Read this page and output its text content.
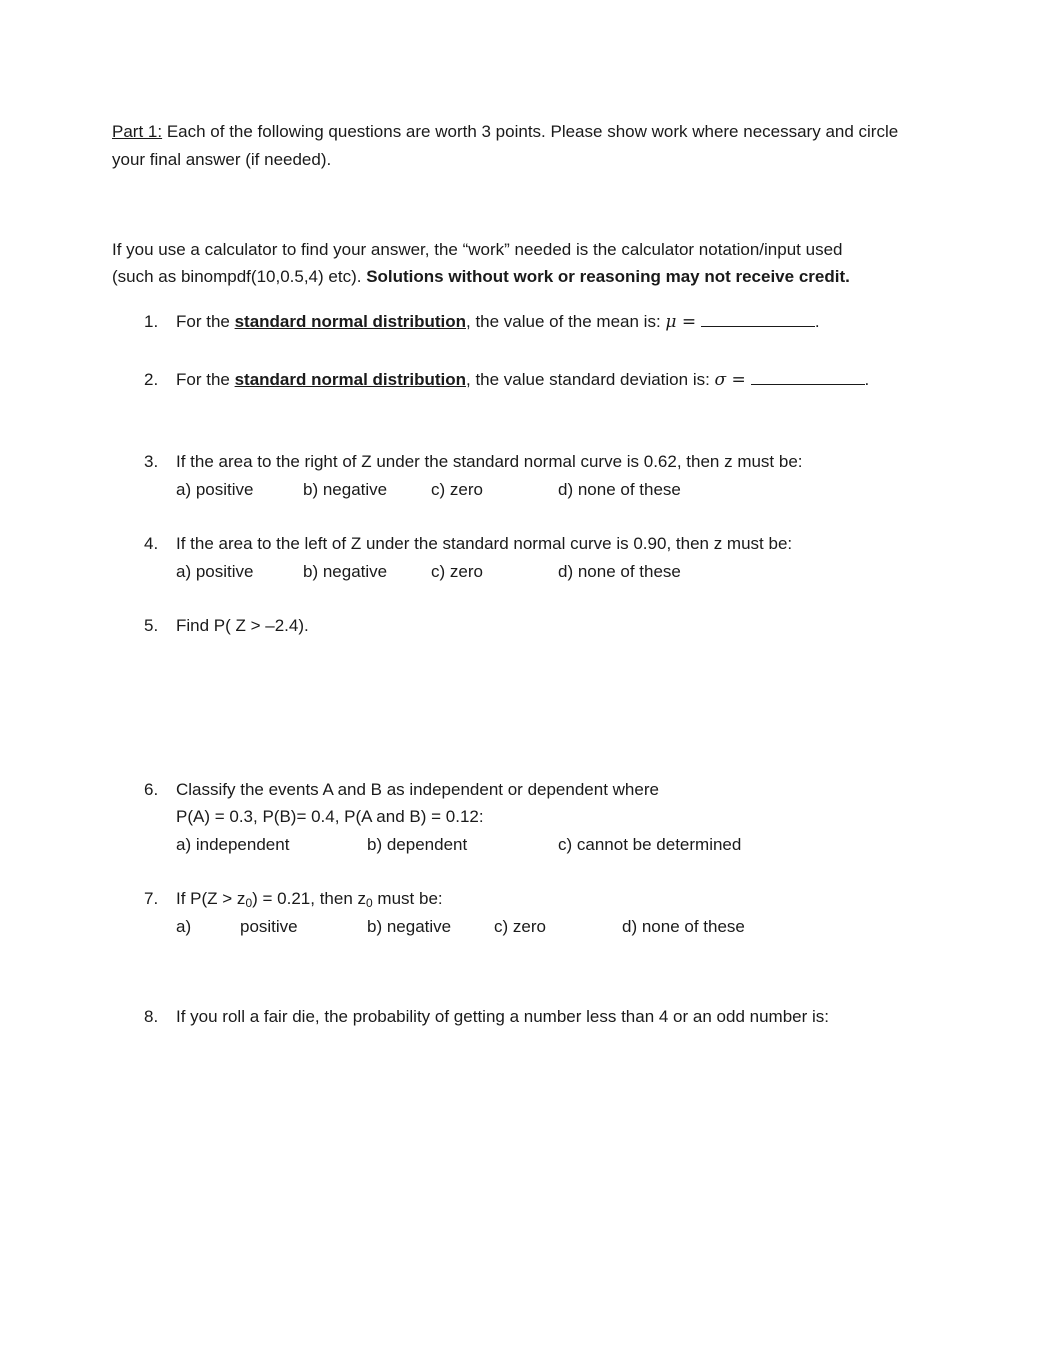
Part 1: Each of the following questions are worth 3 points. Please show work where necessary and circle
your final answer (if needed).
If you use a calculator to find your answer, the “work” needed is the calculator notation/input used
(such as binompdf(10,0.5,4) etc). Solutions without work or reasoning may not receive credit.
1. For the standard normal distribution, the value of the mean is: μ =	.
2. For the standard normal distribution, the value standard deviation is: σ =	.
3. If the area to the right of Z under the standard normal curve is 0.62, then z must be:
a) positive	b) negative	c) zero	d) none of these
4. If the area to the left of Z under the standard normal curve is 0.90, then z must be:
a) positive	b) negative	c) zero	d) none of these
5. Find P( Z > –2.4).
6. Classify the events A and B as independent or dependent where
P(A) = 0.3, P(B)= 0.4, P(A and B) = 0.12:
a) independent	b) dependent	c) cannot be determined
7. If $P(Z > z_0) = 0.21$, then $z_0$ must be:
a)	positive	b) negative	c) zero	d) none of these
8. If you roll a fair die, the probability of getting a number less than 4 or an odd number is:
